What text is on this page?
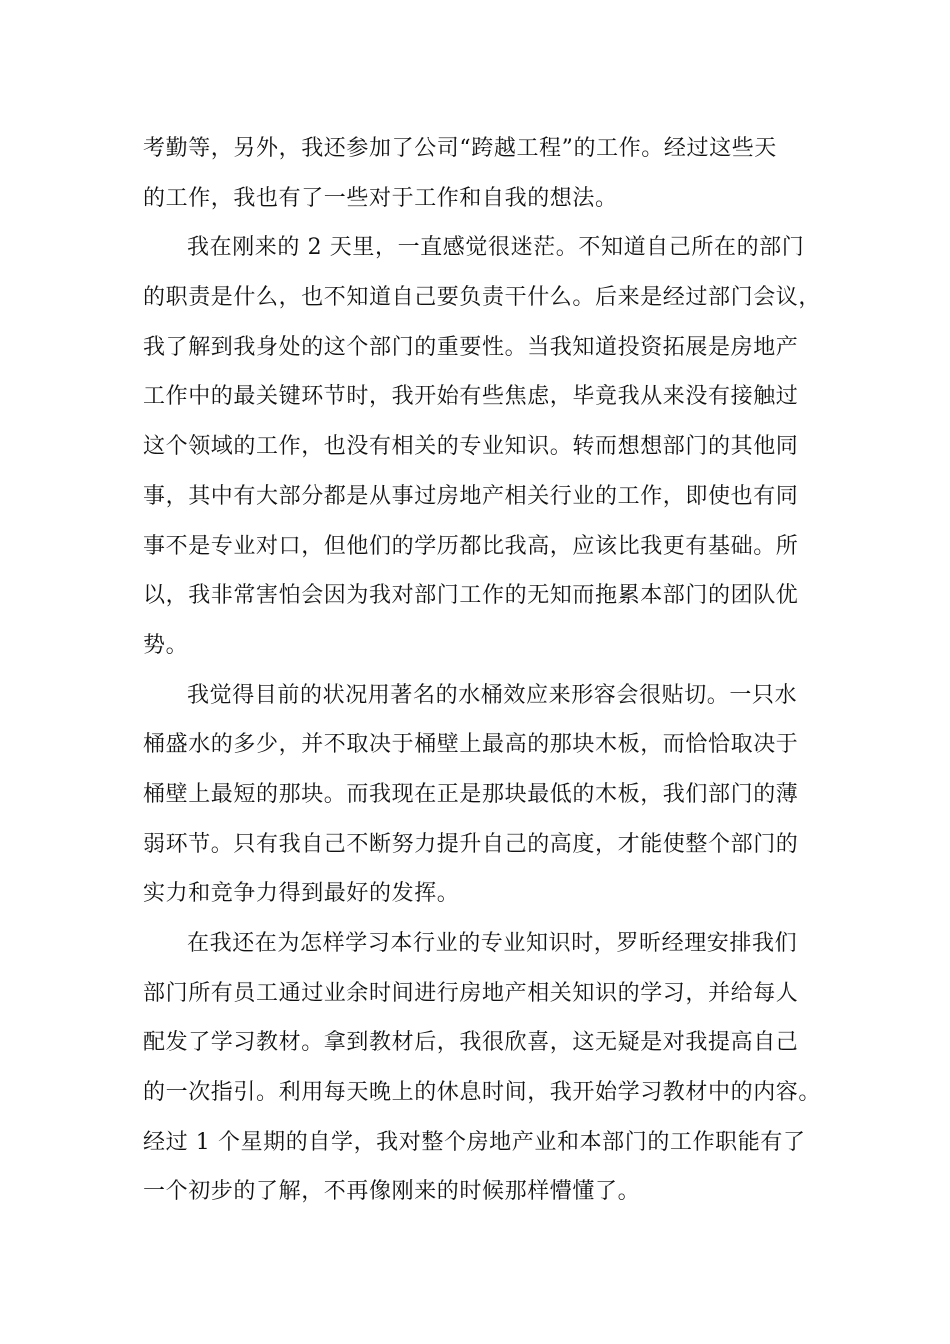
考勤等，另外，我还参加了公司“跨越工程”的工作。经过这些天
的工作，我也有了一些对于工作和自我的想法。
我在刚来的 2 天里，一直感觉很迷茫。不知道自己所在的部门
的职责是什么，也不知道自己要负责干什么。后来是经过部门会议，
我了解到我身处的这个部门的重要性。当我知道投资拓展是房地产
工作中的最关键环节时，我开始有些焦虑，毕竟我从来没有接触过
这个领域的工作，也没有相关的专业知识。转而想想部门的其他同
事，其中有大部分都是从事过房地产相关行业的工作，即使也有同
事不是专业对口，但他们的学历都比我高，应该比我更有基础。所
以，我非常害怕会因为我对部门工作的无知而拖累本部门的团队优
势。
我觉得目前的状况用著名的水桶效应来形容会很贴切。一只水
桶盛水的多少，并不取决于桶壁上最高的那块木板，而恰恰取决于
桶壁上最短的那块。而我现在正是那块最低的木板，我们部门的薄
弱环节。只有我自己不断努力提升自己的高度，才能使整个部门的
实力和竞争力得到最好的发挥。
在我还在为怎样学习本行业的专业知识时，罗昕经理安排我们
部门所有员工通过业余时间进行房地产相关知识的学习，并给每人
配发了学习教材。拿到教材后，我很欣喜，这无疑是对我提高自己
的一次指引。利用每天晚上的休息时间，我开始学习教材中的内容。
经过 1 个星期的自学，我对整个房地产业和本部门的工作职能有了
一个初步的了解，不再像刚来的时候那样懵懂了。
